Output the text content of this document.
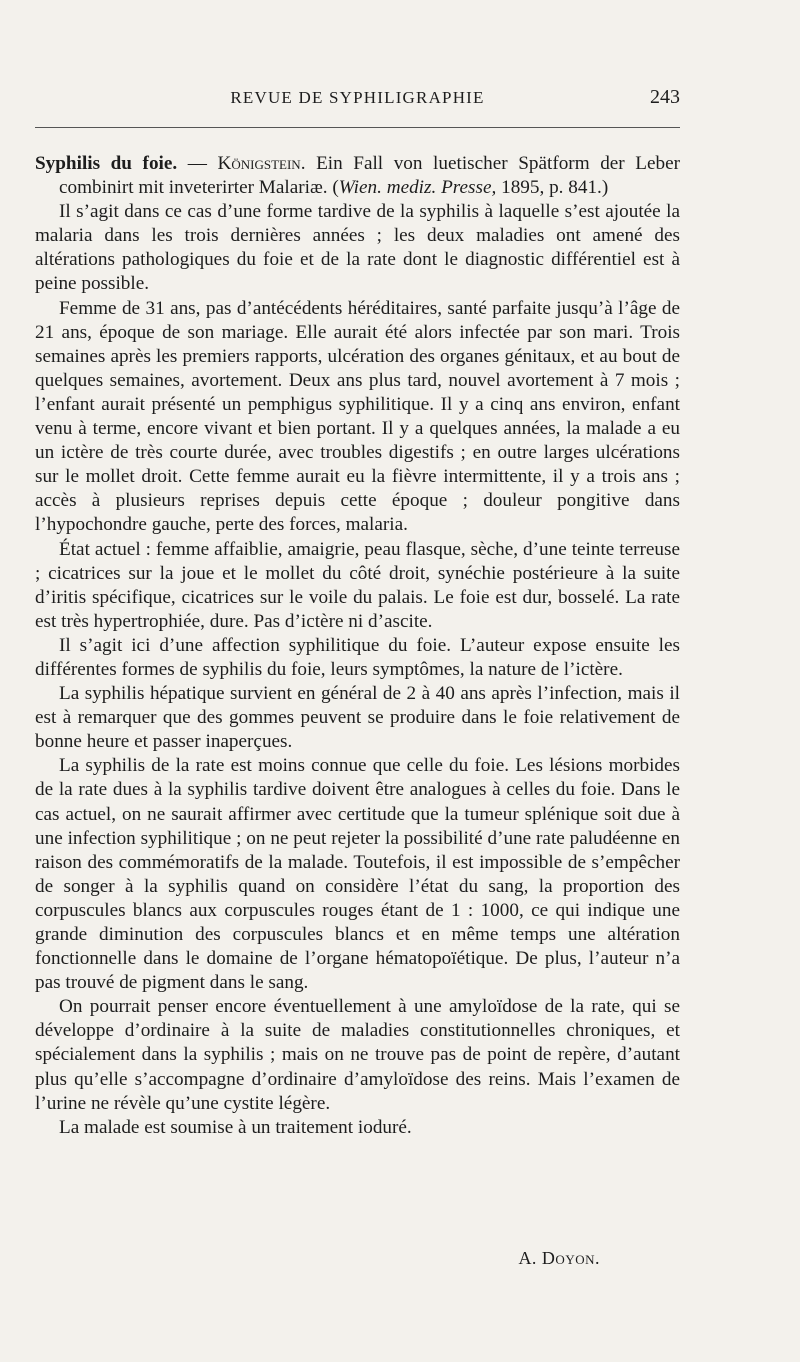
REVUE DE SYPHILIGRAPHIE	243

Syphilis du foie. — Königstein. Ein Fall von luetischer Spätform der Leber combinirt mit inveterirter Malariæ. (Wien. mediz. Presse, 1895, p. 841.)

Il s’agit dans ce cas d’une forme tardive de la syphilis à laquelle s’est ajoutée la malaria dans les trois dernières années ; les deux maladies ont amené des altérations pathologiques du foie et de la rate dont le diagnostic différentiel est à peine possible.

Femme de 31 ans, pas d’antécédents héréditaires, santé parfaite jusqu’à l’âge de 21 ans, époque de son mariage. Elle aurait été alors infectée par son mari. Trois semaines après les premiers rapports, ulcération des organes génitaux, et au bout de quelques semaines, avortement. Deux ans plus tard, nouvel avortement à 7 mois ; l’enfant aurait présenté un pemphigus syphilitique. Il y a cinq ans environ, enfant venu à terme, encore vivant et bien portant. Il y a quelques années, la malade a eu un ictère de très courte durée, avec troubles digestifs ; en outre larges ulcérations sur le mollet droit. Cette femme aurait eu la fièvre intermittente, il y a trois ans ; accès à plusieurs reprises depuis cette époque ; douleur pongitive dans l’hypochondre gauche, perte des forces, malaria.

État actuel : femme affaiblie, amaigrie, peau flasque, sèche, d’une teinte terreuse ; cicatrices sur la joue et le mollet du côté droit, synéchie postérieure à la suite d’iritis spécifique, cicatrices sur le voile du palais. Le foie est dur, bosselé. La rate est très hypertrophiée, dure. Pas d’ictère ni d’ascite.

Il s’agit ici d’une affection syphilitique du foie. L’auteur expose ensuite les différentes formes de syphilis du foie, leurs symptômes, la nature de l’ictère.

La syphilis hépatique survient en général de 2 à 40 ans après l’infection, mais il est à remarquer que des gommes peuvent se produire dans le foie relativement de bonne heure et passer inaperçues.

La syphilis de la rate est moins connue que celle du foie. Les lésions morbides de la rate dues à la syphilis tardive doivent être analogues à celles du foie. Dans le cas actuel, on ne saurait affirmer avec certitude que la tumeur splénique soit due à une infection syphilitique ; on ne peut rejeter la possibilité d’une rate paludéenne en raison des commémoratifs de la malade. Toutefois, il est impossible de s’empêcher de songer à la syphilis quand on considère l’état du sang, la proportion des corpuscules blancs aux corpuscules rouges étant de 1 : 1000, ce qui indique une grande diminution des corpuscules blancs et en même temps une altération fonctionnelle dans le domaine de l’organe hématopoïétique. De plus, l’auteur n’a pas trouvé de pigment dans le sang.

On pourrait penser encore éventuellement à une amyloïdose de la rate, qui se développe d’ordinaire à la suite de maladies constitutionnelles chroniques, et spécialement dans la syphilis ; mais on ne trouve pas de point de repère, d’autant plus qu’elle s’accompagne d’ordinaire d’amyloïdose des reins. Mais l’examen de l’urine ne révèle qu’une cystite légère.

La malade est soumise à un traitement ioduré.

A. Doyon.
